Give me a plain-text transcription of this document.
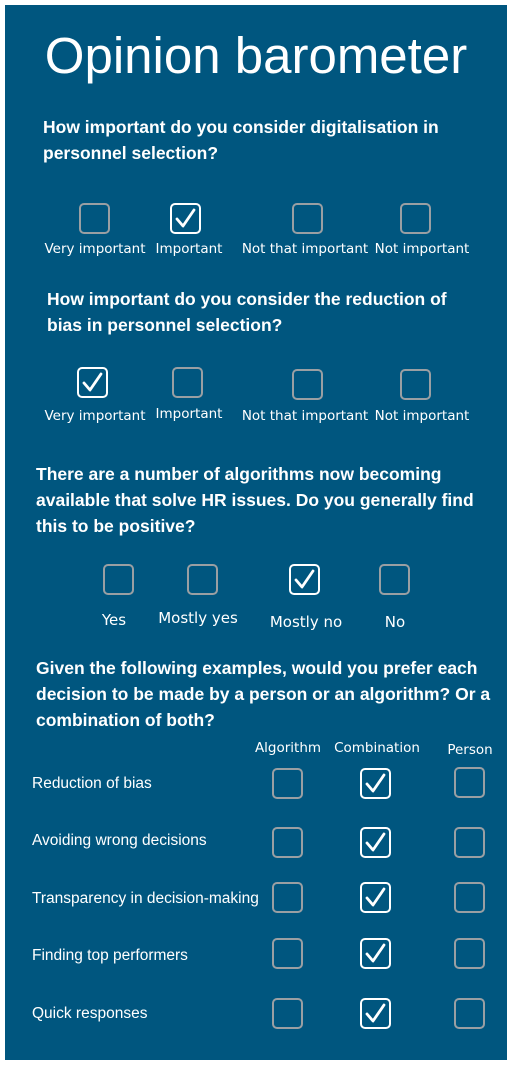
Opinion barometer
How important do you consider digitalisation in personnel selection?
Very important Important Not that important Not important
How important do you consider the reduction of bias in personnel selection?
Very important Important Not that important Not important
There are a number of algorithms now becoming available that solve HR issues. Do you generally find this to be positive?
Yes Mostly yes Mostly no	No
Given the following examples, would you prefer each decision to be made by a person or an algorithm? Or a combination of both?
Algorithm Combination Person
Reduction of bias
Avoiding wrong decisions
Transparency in decision-making
Finding top performers
Quick responses
